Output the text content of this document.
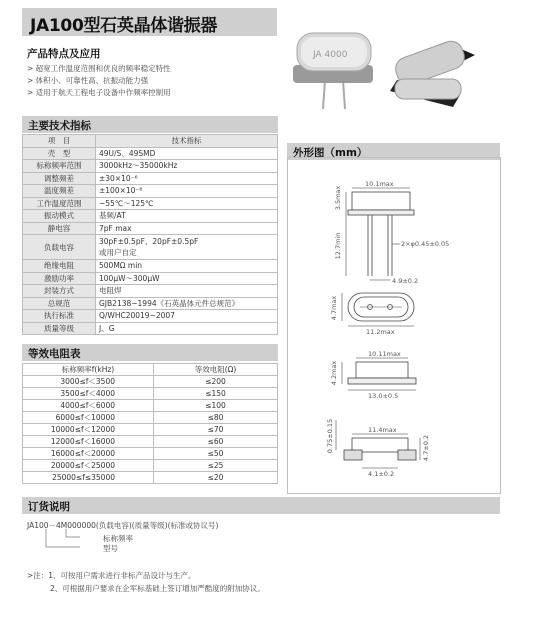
JA100型石英晶体谐振器
产品特点及应用
> 超宽工作温度范围和优良的频率稳定特性
> 体积小、可靠性高、抗振动能力强
> 适用于航天工程电子设备中作频率控制用
JA 4000
主要技术指标
项　目	技术指标
壳　型	49U/S、49SMD
标称频率范围	3000kHz～35000kHz
调整频差	±30×10⁻⁶
温度频差	±100×10⁻⁶
工作温度范围	−55℃～125℃
振动模式	基频/AT
静电容	7pF max
负载电容	30pF±0.5pF、20pF±0.5pF
或用户自定

绝缘电阻	500MΩ min
激励功率	100μW～300μW
封装方式	电阻焊
总规范	GJB2138−1994《石英晶体元件总规范》
执行标准	Q/WHC20019−2007
质量等级	J、G
等效电阻表
标称频率f(kHz)	等效电阻(Ω)
3000≤f＜3500	≤200
3500≤f＜4000	≤150
4000≤f＜6000	≤100
6000≤f＜10000	≤80
10000≤f＜12000	≤70
12000≤f＜16000	≤60
16000≤f＜20000	≤50
20000≤f＜25000	≤25
25000≤f≤35000	≤20
外形图（mm）
10.1max
3.5max
12.7min	2×φ0.45±0.05
4.9±0.2
4.7max
11.2max
10.11max
4.2max
13.0±0.5
11.4max
0.75±0.15	4.7±0.2
4.1±0.2
订货说明
JA100－4M000000(负载电容)(质量等级)(标准或协议号)
标称频率
型号
>注：1、可按用户需求进行非标产品设计与生产。
2、可根据用户要求在企军标基础上签订增加严酷度的附加协议。
